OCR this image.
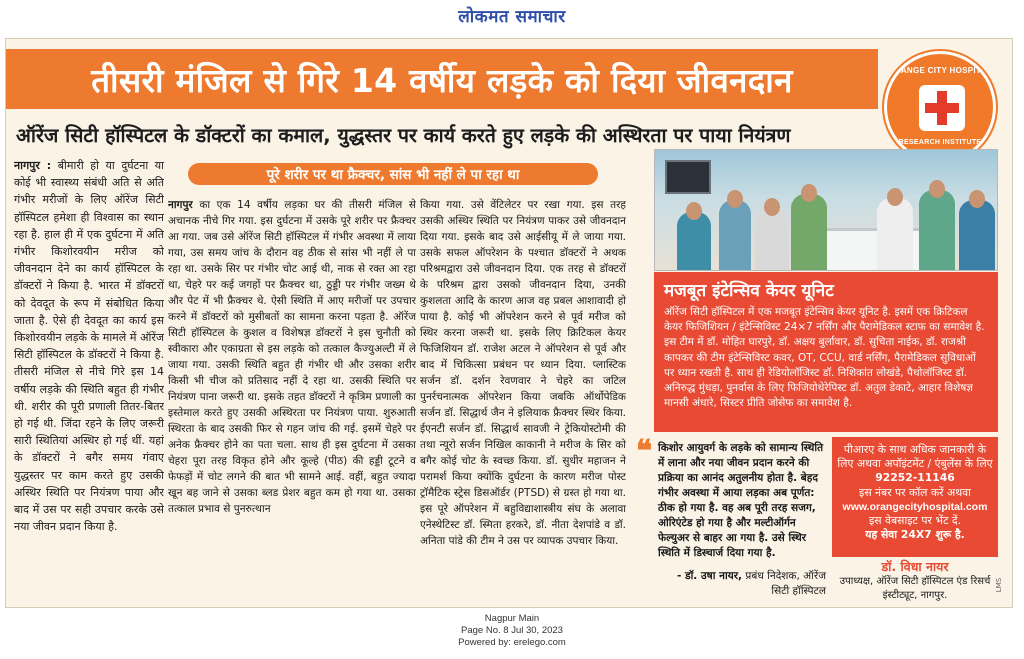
लोकमत समाचार
तीसरी मंजिल से गिरे 14 वर्षीय लड़के को दिया जीवनदान	ORANGE CITY HOSPITAL
RESEARCH INSTITUTE
ऑरेंज सिटी हॉस्पिटल के डॉक्टरों का कमाल, युद्धस्तर पर कार्य करते हुए लड़के की अस्थिरता पर पाया नियंत्रण
नागपुर : बीमारी हो या दुर्घटना या कोई भी स्वास्थ्य संबंधी अति से अति गंभीर मरीजों के लिए ऑरेंज सिटी हॉस्पिटल हमेशा ही विश्वास का स्थान रहा है. हाल ही में एक दुर्घटना में अति गंभीर किशोरवयीन मरीज को जीवनदान देने का कार्य हॉस्पिटल के डॉक्टरों ने किया है. भारत में डॉक्टरों को देवदूत के रूप में संबोधित किया जाता है. ऐसे ही देवदूत का कार्य इस किशोरवयीन लड़के के मामले में ऑरेंज सिटी हॉस्पिटल के डॉक्टरों ने किया है. तीसरी मंजिल से नीचे गिरे इस 14 वर्षीय लड़के की स्थिति बहुत ही गंभीर थी. शरीर की पूरी प्रणाली तितर-बितर हो गई थी. जिंदा रहने के लिए जरूरी सारी स्थितियां अस्थिर हो गई थीं. यहां के डॉक्टरों ने बगैर समय गंवाए युद्धस्तर पर काम करते हुए उसकी अस्थिर स्थिति पर नियंत्रण पाया और बाद में उस पर सही उपचार करके उसे नया जीवन प्रदान किया है.
पूरे शरीर पर था फ्रैक्चर, सांस भी नहीं ले पा रहा था
नागपुर का एक 14 वर्षीय लड़का घर की तीसरी मंजिल से अचानक नीचे गिर गया. इस दुर्घटना में उसके पूरे शरीर पर फ्रैक्चर आ गया. जब उसे ऑरेंज सिटी हॉस्पिटल में गंभीर अवस्था में लाया गया, उस समय जांच के दौरान वह ठीक से सांस भी नहीं ले पा रहा था. उसके सिर पर गंभीर चोट आई थी, नाक से रक्त आ रहा था, चेहरे पर कई जगहों पर फ्रैक्चर था, ठुड्डी पर गंभीर जख्म थे और पेट में भी फ्रैक्चर थे. ऐसी स्थिति में आए मरीजों पर उपचार करने में डॉक्टरों को मुसीबतों का सामना करना पड़ता है. ऑरेंज सिटी हॉस्पिटल के कुशल व विशेषज्ञ डॉक्टरों ने इस चुनौती को स्वीकारा और एकाग्रता से इस लड़के को तत्काल कैज्युअल्टी में ले जाया गया. उसकी स्थिति बहुत ही गंभीर थी और उसका शरीर किसी भी चीज को प्रतिसाद नहीं दे रहा था. उसकी स्थिति पर नियंत्रण पाना जरूरी था. इसके तहत डॉक्टरों ने कृत्रिम प्रणाली का इस्तेमाल करते हुए उसकी अस्थिरता पर नियंत्रण पाया. शुरुआती स्थिरता के बाद उसकी फिर से गहन जांच की गई. इसमें चेहरे पर अनेक फ्रैक्चर होने का पता चला. साथ ही इस दुर्घटना में उसका चेहरा पूरा तरह विकृत होने और कूल्हे (पीठ) की हड्डी टूटने व फेफड़ों में चोट लगने की बात भी सामने आई. वहीं, बहुत ज्यादा खून बह जाने से उसका ब्लड प्रेशर बहुत कम हो गया था. उसका तत्काल प्रभाव से पुनरुत्थान
किया गया. उसे वेंटिलेटर पर रखा गया. इस तरह उसकी अस्थिर स्थिति पर नियंत्रण पाकर उसे जीवनदान दिया गया. इसके बाद उसे आईसीयू में ले जाया गया. उसके सफल ऑपरेशन के पश्चात डॉक्टरों ने अथक परिश्रमद्वारा उसे जीवनदान दिया. एक तरह से डॉक्टरों के परिश्रम द्वारा उसको जीवनदान दिया, उनकी कुशलता आदि के कारण आज वह प्रबल आशावादी हो पाया है. कोई भी ऑपरेशन करने से पूर्व मरीज को स्थिर करना जरूरी था. इसके लिए क्रिटिकल केयर फिजिशियन डॉ. राजेश अटल ने ऑपरेशन से पूर्व और बाद में चिकित्सा प्रबंधन पर ध्यान दिया. प्लास्टिक सर्जन डॉ. दर्शन रेवणवार ने चेहरे का जटिल पुनर्रचनात्मक ऑपरेशन किया जबकि ऑर्थोपेडिक सर्जन डॉ. सिद्धार्थ जैन ने इलियाक फ्रैक्चर स्थिर किया. ईएनटी सर्जन डॉ. सिद्धार्थ सावजी ने ट्रेकियोस्टोमी की तथा न्यूरो सर्जन निखिल काकानी ने मरीज के सिर को बगैर कोई चोट के स्वच्छ किया. डॉ. सुधीर महाजन ने परामर्श किया क्योंकि दुर्घटना के कारण मरीज पोस्ट ट्रॉमैटिक स्ट्रेस डिसऑर्डर (PTSD) से ग्रस्त हो गया था. इस पूरे ऑपरेशन में बहुविद्याशास्त्रीय संघ के अलावा एनेस्थेटिस्ट डॉ. स्मिता हरकरे, डॉ. नीता देशपांडे व डॉ. अनिता पांडे की टीम ने उस पर व्यापक उपचार किया.
मजबूत इंटेन्सिव केयर यूनिट
ऑरेंज सिटी हॉस्पिटल में एक मजबूत इंटेन्सिव केयर यूनिट है. इसमें एक क्रिटिकल केयर फिजिशियन / इंटेन्सिविस्ट 24×7 नर्सिंग और पैरामेडिकल स्टाफ का समावेश है. इस टीम में डॉ. मोहित घारपुरे, डॉ. अक्षय बुर्लावार, डॉ. सुचिता नाईक, डॉ. राजश्री कापकर की टीम इंटेन्सिविस्ट कवर, OT, CCU, वार्ड नर्सिंग, पैरामेडिकल सुविधाओं पर ध्यान रखती है. साथ ही रेडियोलॉजिस्ट डॉ. निशिकांत लोखंडे, पैथोलॉजिस्ट डॉ. अनिरुद्ध मुंधड़ा, पुनर्वास के लिए फिजियोथेरेपिस्ट डॉ. अतुल डेकाटे, आहार विशेषज्ञ मानसी अंधारे, सिस्टर प्रीति जोसेफ का समावेश है.
❝ किशोर आयुवर्ग के लड़के को सामान्य स्थिति में लाना और नया जीवन प्रदान करने की प्रक्रिया का आनंद अतुलनीय होता है. बेहद गंभीर अवस्था में आया लड़का अब पूर्णत: ठीक हो गया है. वह अब पूरी तरह सजग, ओरिएंटेड हो गया है और मल्टीऑर्गन फेल्युअर से बाहर आ गया है. उसे स्थिर स्थिति में डिस्चार्ज दिया गया है.
- डॉ. उषा नायर, प्रबंध निदेशक, ऑरेंज सिटी हॉस्पिटल
पीआरए के साथ अधिक जानकारी के लिए अथवा अपॉइंटमेंट / एंबुलेंस के लिए
92252-11146
इस नंबर पर कॉल करें अथवा
www.orangecityhospital.com
इस वेबसाइट पर भेंट दें.
यह सेवा 24X7 शुरू है.
डॉ. विधा नायर
उपाध्यक्ष, ऑरेंज सिटी हॉस्पिटल एंड रिसर्च इंस्टीट्यूट, नागपुर.
LMS
Nagpur Main
Page No. 8 Jul 30, 2023
Powered by: erelego.com
